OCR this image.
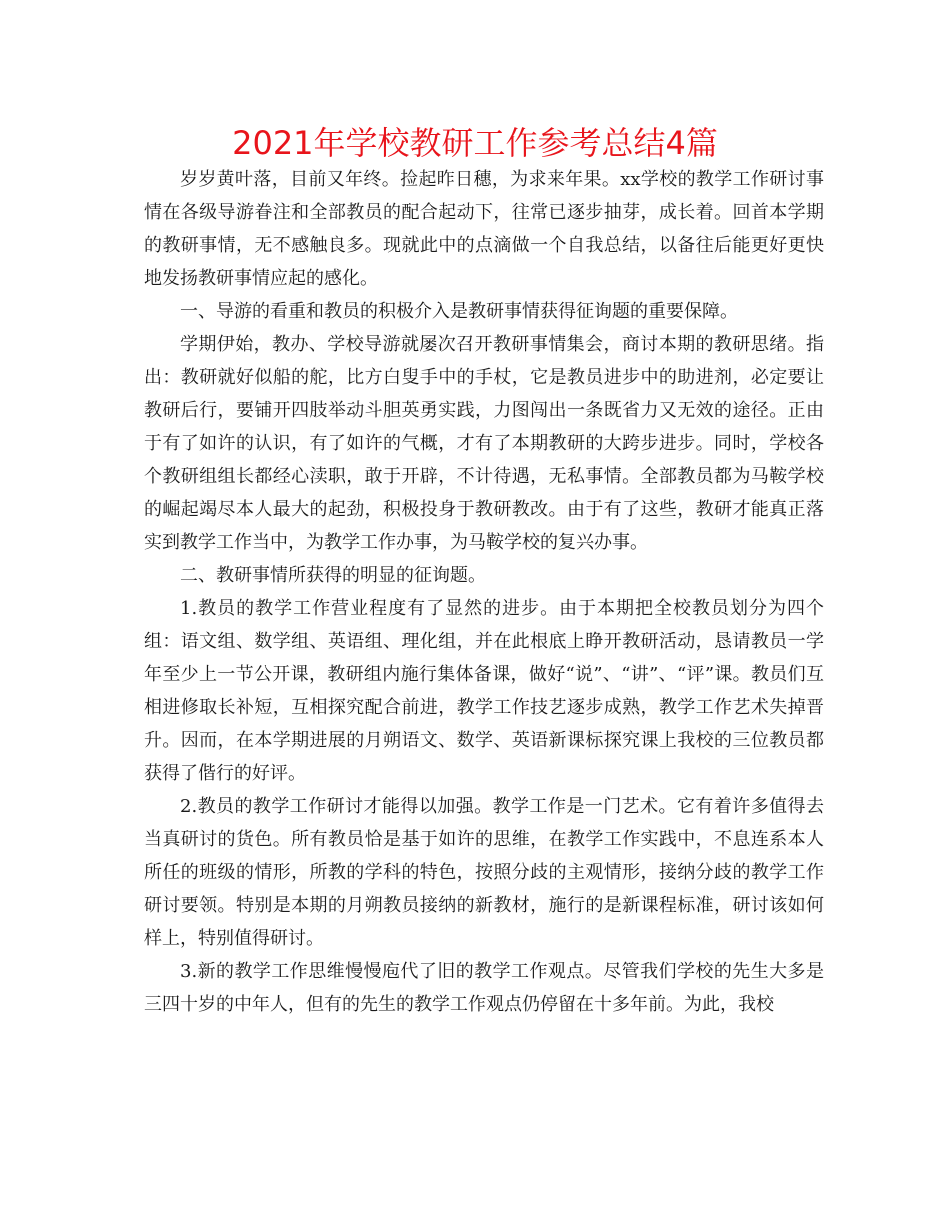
2021年学校教研工作参考总结4篇

岁岁黄叶落，目前又年终。捡起昨日穗，为求来年果。xx学校的教学工作研讨事情在各级导游眷注和全部教员的配合起动下，往常已逐步抽芽，成长着。回首本学期的教研事情，无不感触良多。现就此中的点滴做一个自我总结，以备往后能更好更快地发扬教研事情应起的感化。

一、导游的看重和教员的积极介入是教研事情获得征询题的重要保障。

学期伊始，教办、学校导游就屡次召开教研事情集会，商讨本期的教研思绪。指出：教研就好似船的舵，比方白叟手中的手杖，它是教员进步中的助进剂，必定要让教研后行，要铺开四肢举动斗胆英勇实践，力图闯出一条既省力又无效的途径。正由于有了如许的认识，有了如许的气概，才有了本期教研的大跨步进步。同时，学校各个教研组组长都经心渎职，敢于开辟，不计待遇，无私事情。全部教员都为马鞍学校的崛起竭尽本人最大的起劲，积极投身于教研教改。由于有了这些，教研才能真正落实到教学工作当中，为教学工作办事，为马鞍学校的复兴办事。

二、教研事情所获得的明显的征询题。

1.教员的教学工作营业程度有了显然的进步。由于本期把全校教员划分为四个组：语文组、数学组、英语组、理化组，并在此根底上睁开教研活动，恳请教员一学年至少上一节公开课，教研组内施行集体备课，做好“说”、“讲”、“评”课。教员们互相进修取长补短，互相探究配合前进，教学工作技艺逐步成熟，教学工作艺术失掉晋升。因而，在本学期进展的月朔语文、数学、英语新课标探究课上我校的三位教员都获得了偕行的好评。

2.教员的教学工作研讨才能得以加强。教学工作是一门艺术。它有着许多值得去当真研讨的货色。所有教员恰是基于如许的思维，在教学工作实践中，不息连系本人所任的班级的情形，所教的学科的特色，按照分歧的主观情形，接纳分歧的教学工作研讨要领。特别是本期的月朔教员接纳的新教材，施行的是新课程标准，研讨该如何样上，特别值得研讨。

3.新的教学工作思维慢慢庖代了旧的教学工作观点。尽管我们学校的先生大多是三四十岁的中年人，但有的先生的教学工作观点仍停留在十多年前。为此，我校
